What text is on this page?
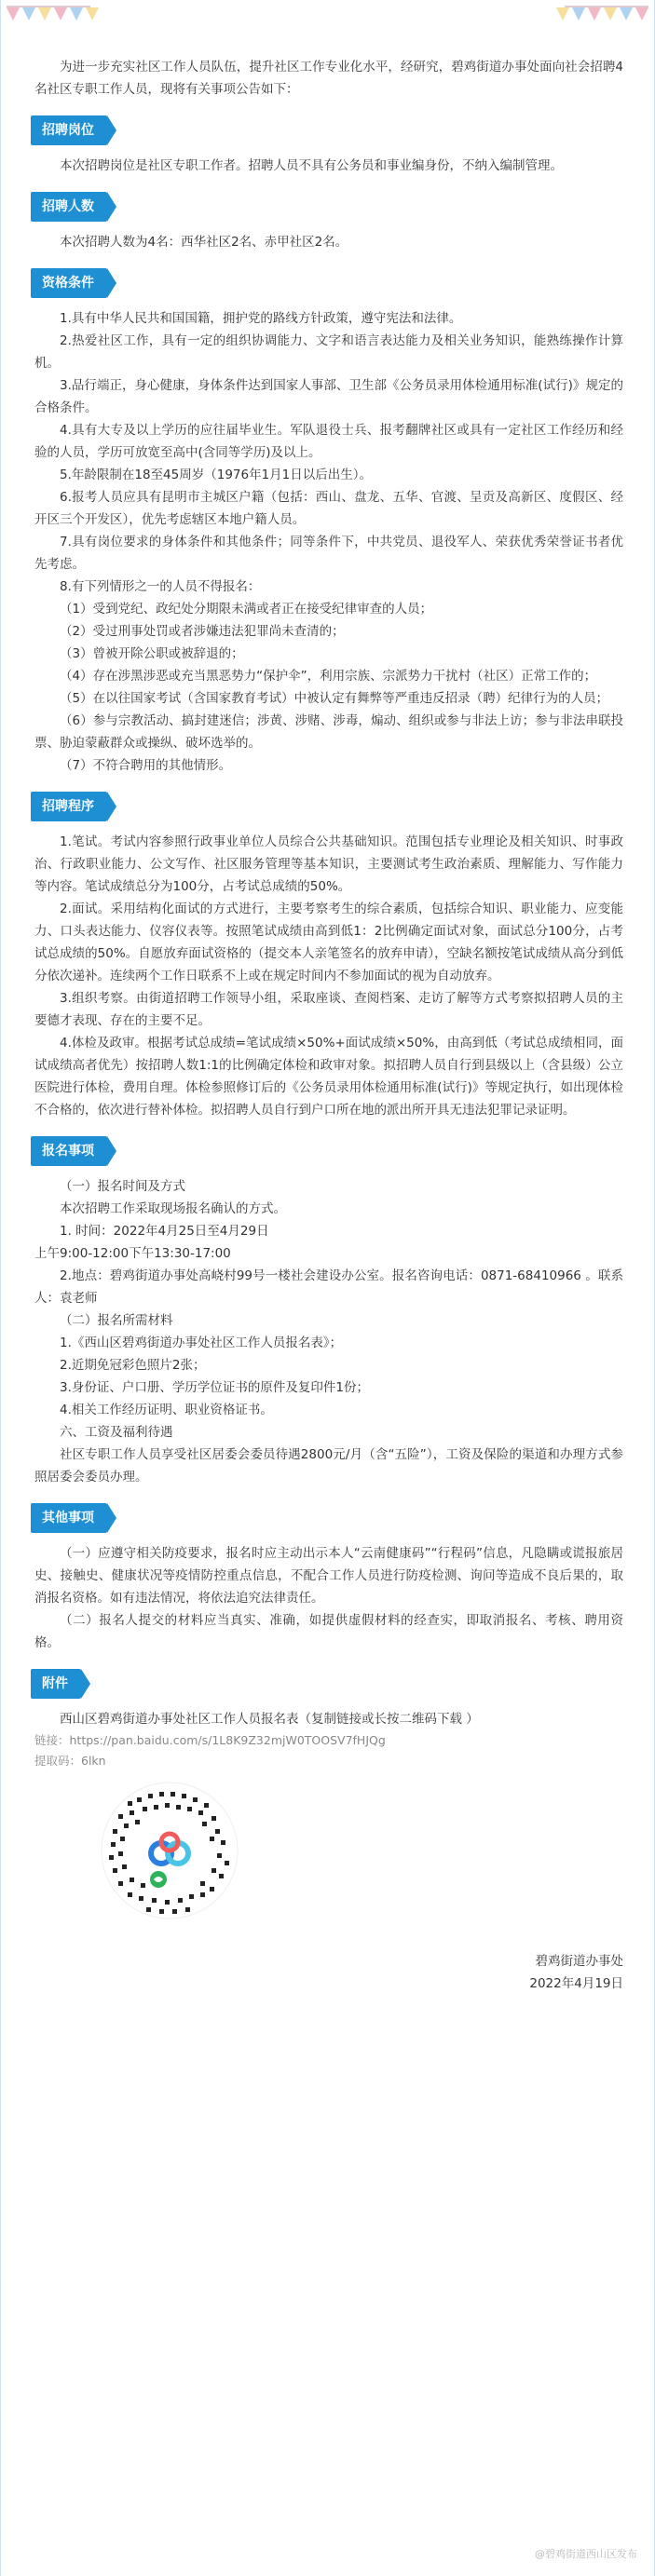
为进一步充实社区工作人员队伍，提升社区工作专业化水平，经研究，碧鸡街道办事处面向社会招聘4名社区专职工作人员，现将有关事项公告如下：

招聘岗位

本次招聘岗位是社区专职工作者。招聘人员不具有公务员和事业编身份，不纳入编制管理。

招聘人数

本次招聘人数为4名：西华社区2名、赤甲社区2名。

资格条件

1.具有中华人民共和国国籍，拥护党的路线方针政策，遵守宪法和法律。

2.热爱社区工作，具有一定的组织协调能力、文字和语言表达能力及相关业务知识，能熟练操作计算机。

3.品行端正，身心健康，身体条件达到国家人事部、卫生部《公务员录用体检通用标准(试行)》规定的合格条件。

4.具有大专及以上学历的应往届毕业生。军队退役士兵、报考翻牌社区或具有一定社区工作经历和经验的人员，学历可放宽至高中(含同等学历)及以上。

5.年龄限制在18至45周岁（1976年1月1日以后出生）。

6.报考人员应具有昆明市主城区户籍（包括：西山、盘龙、五华、官渡、呈贡及高新区、度假区、经开区三个开发区），优先考虑辖区本地户籍人员。

7.具有岗位要求的身体条件和其他条件；同等条件下，中共党员、退役军人、荣获优秀荣誉证书者优先考虑。

8.有下列情形之一的人员不得报名：

（1）受到党纪、政纪处分期限未满或者正在接受纪律审查的人员；

（2）受过刑事处罚或者涉嫌违法犯罪尚未查清的；

（3）曾被开除公职或被辞退的；

（4）存在涉黑涉恶或充当黑恶势力“保护伞”，利用宗族、宗派势力干扰村（社区）正常工作的；

（5）在以往国家考试（含国家教育考试）中被认定有舞弊等严重违反招录（聘）纪律行为的人员；

（6）参与宗教活动、搞封建迷信；涉黄、涉赌、涉毒，煽动、组织或参与非法上访；参与非法串联投票、胁迫蒙蔽群众或操纵、破坏选举的。

（7）不符合聘用的其他情形。

招聘程序

1.笔试。考试内容参照行政事业单位人员综合公共基础知识。范围包括专业理论及相关知识、时事政治、行政职业能力、公文写作、社区服务管理等基本知识，主要测试考生政治素质、理解能力、写作能力等内容。笔试成绩总分为100分，占考试总成绩的50%。

2.面试。采用结构化面试的方式进行，主要考察考生的综合素质，包括综合知识、职业能力、应变能力、口头表达能力、仪容仪表等。按照笔试成绩由高到低1：2比例确定面试对象，面试总分100分，占考试总成绩的50%。自愿放弃面试资格的（提交本人亲笔签名的放弃申请），空缺名额按笔试成绩从高分到低分依次递补。连续两个工作日联系不上或在规定时间内不参加面试的视为自动放弃。

3.组织考察。由街道招聘工作领导小组，采取座谈、查阅档案、走访了解等方式考察拟招聘人员的主要德才表现、存在的主要不足。

4.体检及政审。根据考试总成绩=笔试成绩×50%+面试成绩×50%，由高到低（考试总成绩相同，面试成绩高者优先）按招聘人数1:1的比例确定体检和政审对象。拟招聘人员自行到县级以上（含县级）公立医院进行体检，费用自理。体检参照修订后的《公务员录用体检通用标准(试行)》等规定执行，如出现体检不合格的，依次进行替补体检。拟招聘人员自行到户口所在地的派出所开具无违法犯罪记录证明。

报名事项

（一）报名时间及方式

本次招聘工作采取现场报名确认的方式。

1. 时间：2022年4月25日至4月29日

上午9:00-12:00下午13:30-17:00

2.地点：碧鸡街道办事处高峣村99号一楼社会建设办公室。报名咨询电话：0871-68410966 。联系人：袁老师

（二）报名所需材料

1.《西山区碧鸡街道办事处社区工作人员报名表》；

2.近期免冠彩色照片2张；

3.身份证、户口册、学历学位证书的原件及复印件1份；

4.相关工作经历证明、职业资格证书。

六、工资及福利待遇

社区专职工作人员享受社区居委会委员待遇2800元/月（含“五险”），工资及保险的渠道和办理方式参照居委会委员办理。

其他事项

（一）应遵守相关防疫要求，报名时应主动出示本人“云南健康码”“行程码”信息，凡隐瞒或谎报旅居史、接触史、健康状况等疫情防控重点信息，不配合工作人员进行防疫检测、询问等造成不良后果的，取消报名资格。如有违法情况，将依法追究法律责任。

（二）报名人提交的材料应当真实、准确，如提供虚假材料的经查实，即取消报名、考核、聘用资格。

附件

西山区碧鸡街道办事处社区工作人员报名表（复制链接或长按二维码下载 ）

链接：https://pan.baidu.com/s/1L8K9Z32mjW0TOOSV7fHJQg

提取码：6lkn

碧鸡街道办事处

2022年4月19日

@碧鸡街道西山区发布
